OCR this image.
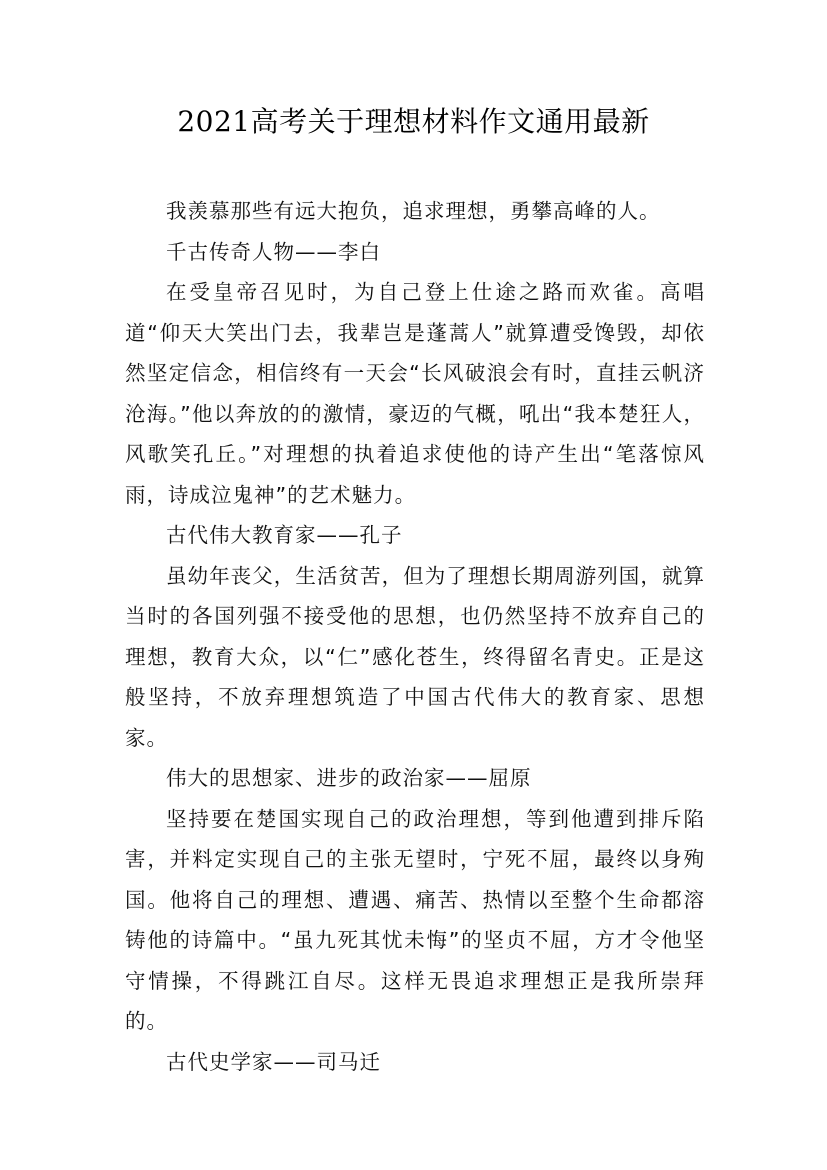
2021高考关于理想材料作文通用最新

我羡慕那些有远大抱负，追求理想，勇攀高峰的人。

千古传奇人物——李白

在受皇帝召见时，为自己登上仕途之路而欢雀。高唱道“仰天大笑出门去，我辈岂是蓬蒿人”就算遭受馋毁，却依然坚定信念，相信终有一天会“长风破浪会有时，直挂云帆济沧海。”他以奔放的的激情，豪迈的气概，吼出“我本楚狂人，风歌笑孔丘。”对理想的执着追求使他的诗产生出“笔落惊风雨，诗成泣鬼神”的艺术魅力。

古代伟大教育家——孔子

虽幼年丧父，生活贫苦，但为了理想长期周游列国，就算当时的各国列强不接受他的思想，也仍然坚持不放弃自己的理想，教育大众，以“仁”感化苍生，终得留名青史。正是这般坚持，不放弃理想筑造了中国古代伟大的教育家、思想家。

伟大的思想家、进步的政治家——屈原

坚持要在楚国实现自己的政治理想，等到他遭到排斥陷害，并料定实现自己的主张无望时，宁死不屈，最终以身殉国。他将自己的理想、遭遇、痛苦、热情以至整个生命都溶铸他的诗篇中。“虽九死其忧未悔”的坚贞不屈，方才令他坚守情操，不得跳江自尽。这样无畏追求理想正是我所崇拜的。

古代史学家——司马迁
